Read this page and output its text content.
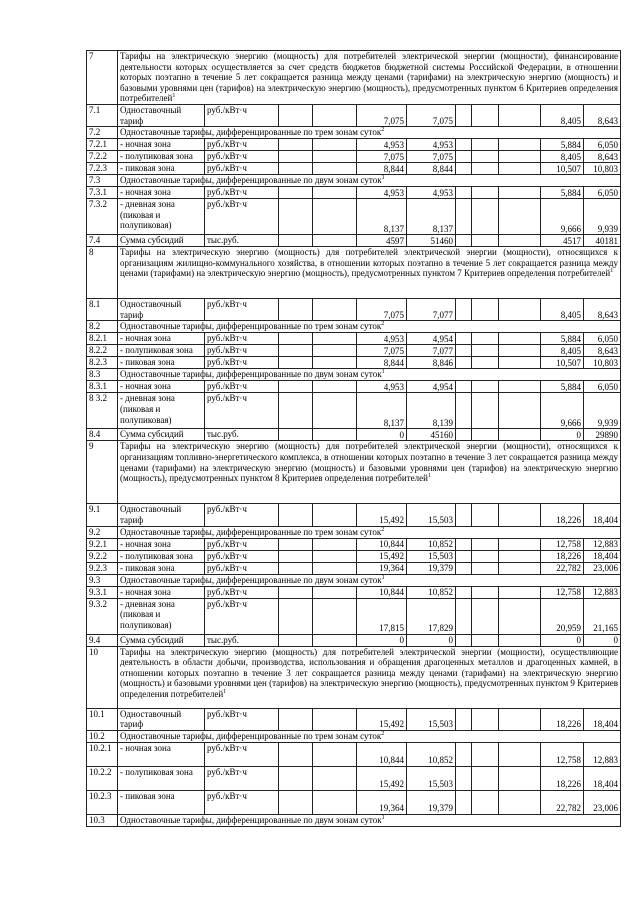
7	Тарифы на электрическую энергию (мощность) для потребителей электрической энергии (мощности), финансирование деятельности которых осуществляется за счет средств бюджетов бюджетной системы Российской Федерации, в отношении которых поэтапно в течение 5 лет сокращается разница между ценами (тарифами) на электрическую энергию (мощность) и базовыми уровнями цен (тарифов) на электрическую энергию (мощность), предусмотренных пунктом 6 Критериев определения потребителей$^1$
7.1	Одноставочный тариф	руб./кВт·ч			7,075	7,075				8,405	8,643
7.2	Одноставочные тарифы, дифференцированные по трем зонам суток$^2$
7.2.1	- ночная зона	руб./кВт·ч			4,953	4,953				5,884	6,050
7.2.2	- полупиковая зона	руб./кВт·ч			7,075	7,075				8,405	8,643
7.2.3	- пиковая зона	руб./кВт·ч			8,844	8,844				10,507	10,803
7.3	Одноставочные тарифы, дифференцированные по двум зонам суток$^1$
7.3.1	- ночная зона	руб./кВт·ч			4,953	4,953				5,884	6,050
7.3.2	- дневная зона (пиковая и полупиковая)	руб./кВт·ч			8,137	8,137				9,666	9,939
7.4	Сумма субсидий	тыс.руб.			4597	51460				4517	40181
8	Тарифы на электрическую энергию (мощность) для потребителей электрической энергии (мощности), относящихся к организациям жилищно-коммунального хозяйства, в отношении которых поэтапно в течение 5 лет сокращается разница между ценами (тарифами) на электрическую энергию (мощность), предусмотренных пунктом 7 Критериев определения потребителей$^1$
8.1	Одноставочный тариф	руб./кВт·ч			7,075	7,077				8,405	8,643
8.2	Одноставочные тарифы, дифференцированные по трем зонам суток$^2$
8.2.1	- ночная зона	руб./кВт·ч			4,953	4,954				5,884	6,050
8.2.2	- полупиковая зона	руб./кВт·ч			7,075	7,077				8,405	8,643
8.2.3	- пиковая зона	руб./кВт·ч			8,844	8,846				10,507	10,803
8.3	Одноставочные тарифы, дифференцированные по двум зонам суток$^1$
8.3.1	- ночная зона	руб./кВт·ч			4,953	4,954				5,884	6,050
8 3.2	- дневная зона (пиковая и полупиковая)	руб./кВт·ч			8,137	8,139				9,666	9,939
8.4	Сумма субсидий	тыс.руб.			0	45160				0	29890
9	Тарифы на электрическую энергию (мощность) для потребителей электрической энергии (мощности), относящихся к организациям топливно-энергетического комплекса, в отношении которых поэтапно в течение 3 лет сокращается разница между ценами (тарифами) на электрическую энергию (мощность) и базовыми уровнями цен (тарифов) на электрическую энергию (мощность), предусмотренных пунктом 8 Критериев определения потребителей$^1$
9.1	Одноставочный тариф	руб./кВт·ч			15,492	15,503				18,226	18,404
9.2	Одноставочные тарифы, дифференцированные по трем зонам суток$^2$
9.2.1	- ночная зона	руб./кВт·ч			10,844	10,852				12,758	12,883
9.2.2	- полупиковая зона	руб./кВт·ч			15,492	15,503				18,226	18,404
9.2.3	- пиковая зона	руб./кВт·ч			19,364	19,379				22,782	23,006
9.3	Одноставочные тарифы, дифференцированные по двум зонам суток$^1$
9.3.1	- ночная зона	руб./кВт·ч			10,844	10,852				12,758	12,883
9.3.2	- дневная зона (пиковая и полупиковая)	руб./кВт·ч			17,815	17,829				20,959	21,165
9.4	Сумма субсидий	тыс.руб.			0	0				0	0
10	Тарифы на электрическую энергию (мощность) для потребителей электрической энергии (мощности), осуществляющие деятельность в области добычи, производства, использования и обращения драгоценных металлов и драгоценных камней, в отношении которых поэтапно в течение 3 лет сокращается разница между ценами (тарифами) на электрическую энергию (мощность) и базовыми уровнями цен (тарифов) на электрическую энергию (мощность), предусмотренных пунктом 9 Критериев определения потребителей$^1$
10.1	Одноставочный тариф	руб./кВт·ч			15,492	15,503				18,226	18,404
10.2	Одноставочные тарифы, дифференцированные по трем зонам суток$^2$
10.2.1	- ночная зона	руб./кВт·ч			10,844	10,852				12,758	12,883
10.2.2	- полупиковая зона	руб./кВт·ч			15,492	15,503				18,226	18,404
10.2.3	- пиковая зона	руб./кВт·ч			19,364	19,379				22,782	23,006
10.3	Одноставочные тарифы, дифференцированные по двум зонам суток$^1$
